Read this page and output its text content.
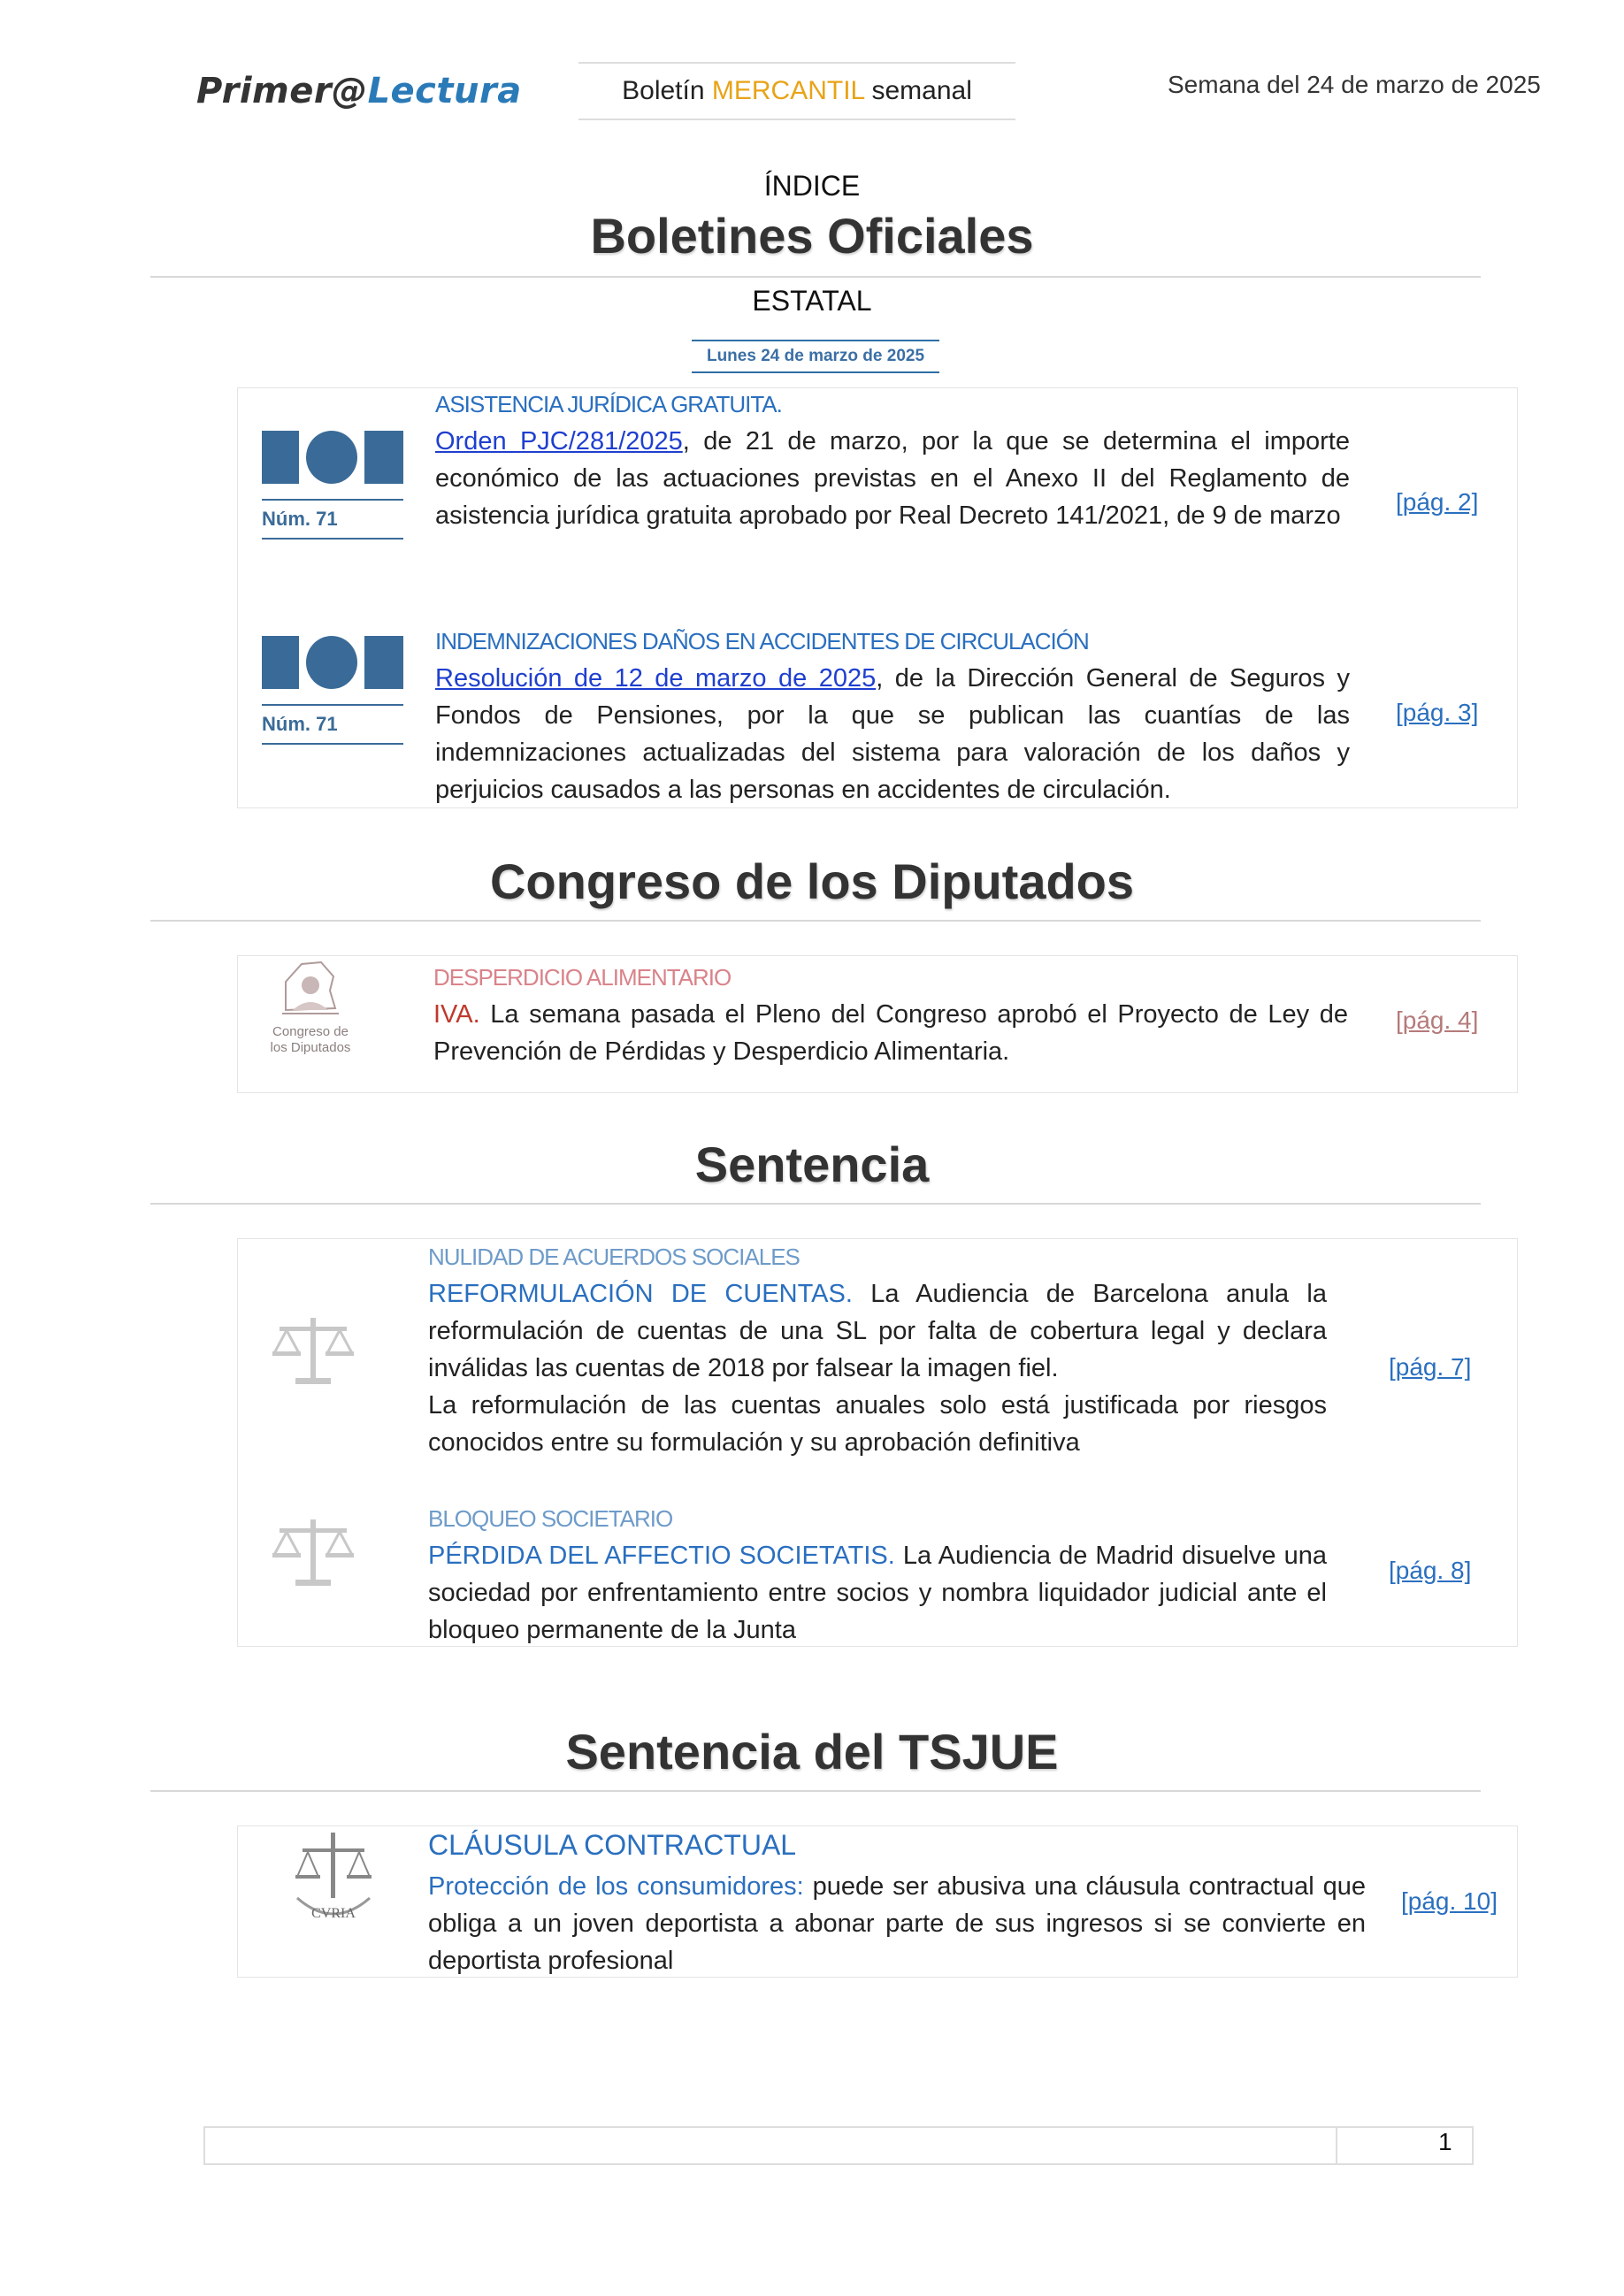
Primer@Lectura	Boletín MERCANTIL semanal	Semana del 24 de marzo de 2025
ÍNDICE
Boletines Oficiales
ESTATAL
Lunes 24 de marzo de 2025
Núm. 71
ASISTENCIA JURÍDICA GRATUITA.
Orden PJC/281/2025, de 21 de marzo, por la que se determina el importe económico de las actuaciones previstas en el Anexo II del Reglamento de asistencia jurídica gratuita aprobado por Real Decreto 141/2021, de 9 de marzo	[pág. 2]
Núm. 71
INDEMNIZACIONES DAÑOS EN ACCIDENTES DE CIRCULACIÓN
Resolución de 12 de marzo de 2025, de la Dirección General de Seguros y Fondos de Pensiones, por la que se publican las cuantías de las indemnizaciones actualizadas del sistema para valoración de los daños y perjuicios causados a las personas en accidentes de circulación.
[pág. 3]
Congreso de los Diputados
Congreso de
los Diputados
DESPERDICIO ALIMENTARIO
IVA. La semana pasada el Pleno del Congreso aprobó el Proyecto de Ley de Prevención de Pérdidas y Desperdicio Alimentaria.
[pág. 4]
Sentencia
NULIDAD DE ACUERDOS SOCIALES
REFORMULACIÓN DE CUENTAS. La Audiencia de Barcelona anula la reformulación de cuentas de una SL por falta de cobertura legal y declara inválidas las cuentas de 2018 por falsear la imagen fiel.
La reformulación de las cuentas anuales solo está justificada por riesgos conocidos entre su formulación y su aprobación definitiva
[pág. 7]
BLOQUEO SOCIETARIO
PÉRDIDA DEL AFFECTIO SOCIETATIS. La Audiencia de Madrid disuelve una sociedad por enfrentamiento entre socios y nombra liquidador judicial ante el bloqueo permanente de la Junta
[pág. 8]
Sentencia del TSJUE
CVRIA
CLÁUSULA CONTRACTUAL
Protección de los consumidores: puede ser abusiva una cláusula contractual que obliga a un joven deportista a abonar parte de sus ingresos si se convierte en deportista profesional
[pág. 10]
1
